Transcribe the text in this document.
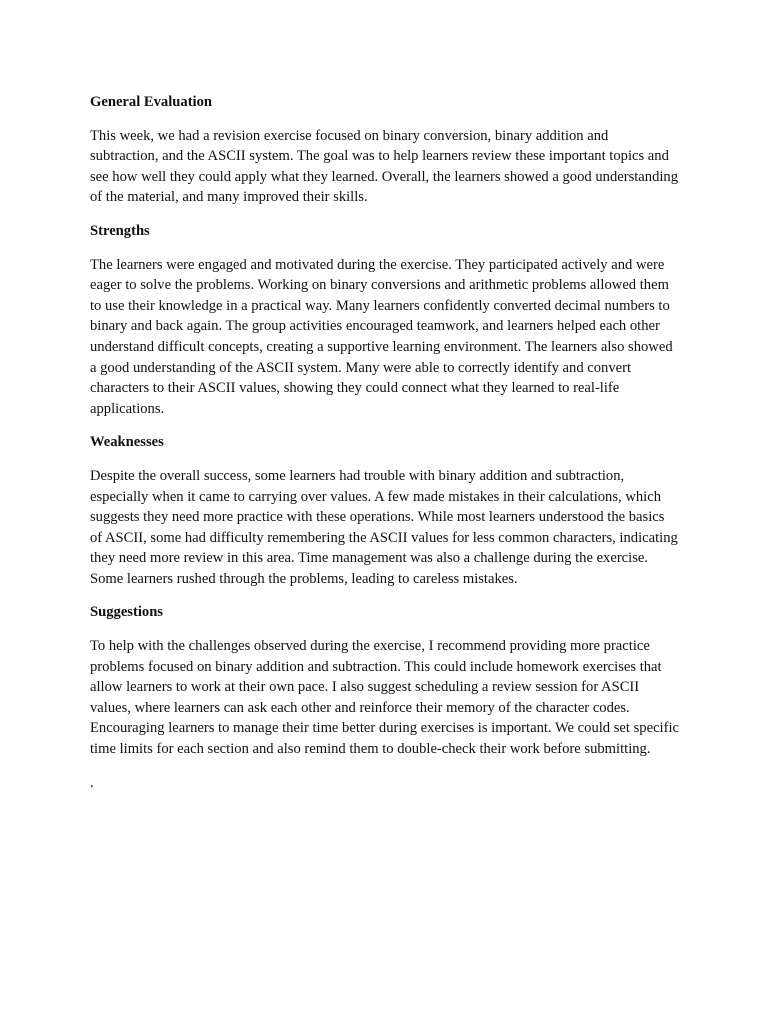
General Evaluation

This week, we had a revision exercise focused on binary conversion, binary addition and subtraction, and the ASCII system. The goal was to help learners review these important topics and see how well they could apply what they learned. Overall, the learners showed a good understanding of the material, and many improved their skills.

Strengths

The learners were engaged and motivated during the exercise. They participated actively and were eager to solve the problems. Working on binary conversions and arithmetic problems allowed them to use their knowledge in a practical way. Many learners confidently converted decimal numbers to binary and back again. The group activities encouraged teamwork, and learners helped each other understand difficult concepts, creating a supportive learning environment. The learners also showed a good understanding of the ASCII system. Many were able to correctly identify and convert characters to their ASCII values, showing they could connect what they learned to real-life applications.

Weaknesses

Despite the overall success, some learners had trouble with binary addition and subtraction, especially when it came to carrying over values. A few made mistakes in their calculations, which suggests they need more practice with these operations. While most learners understood the basics of ASCII, some had difficulty remembering the ASCII values for less common characters, indicating they need more review in this area. Time management was also a challenge during the exercise. Some learners rushed through the problems, leading to careless mistakes.

Suggestions

To help with the challenges observed during the exercise, I recommend providing more practice problems focused on binary addition and subtraction. This could include homework exercises that allow learners to work at their own pace. I also suggest scheduling a review session for ASCII values, where learners can ask each other and reinforce their memory of the character codes. Encouraging learners to manage their time better during exercises is important. We could set specific time limits for each section and also remind them to double-check their work before submitting.

.
